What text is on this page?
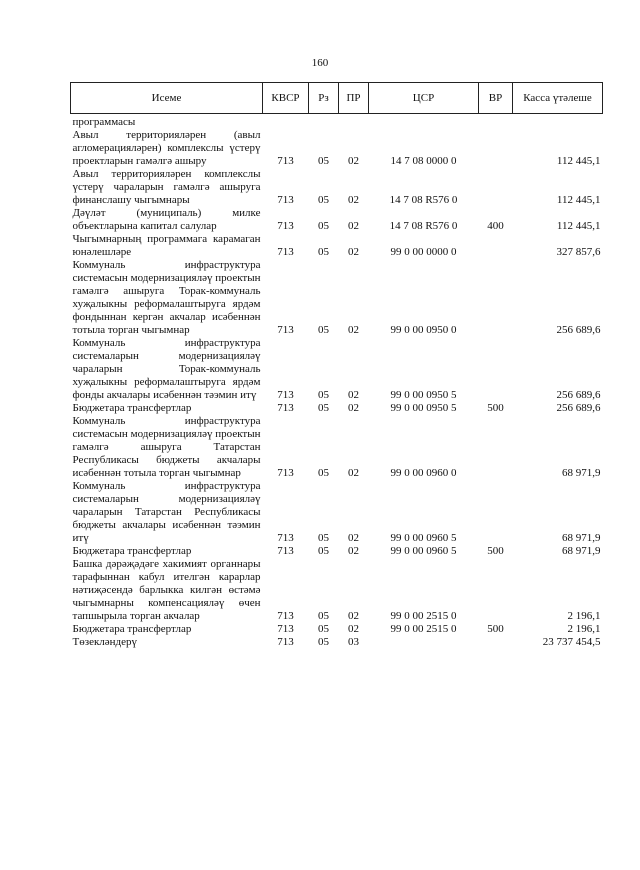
160
Исеме	КВСР	Рз	ПР	ЦСР	ВР	Касса үтәлеше
программасы						
Авыл территорияләрен (авыл агломерацияләрен) комплекслы үстерү проектларын гамәлгә ашыру	713	05	02	14 7 08 0000 0		112 445,1
Авыл территорияләрен комплекслы үстерү чараларын гамәлгә ашыруга финанслашу чыгымнары	713	05	02	14 7 08 R576 0		112 445,1
Дәүләт (муниципаль) милке объектларына капитал салулар	713	05	02	14 7 08 R576 0	400	112 445,1
Чыгымнарның программага карамаган юнәлешләре	713	05	02	99 0 00 0000 0		327 857,6
Коммуналь инфраструктура системасын модернизацияләү проектын гамәлгә ашыруга Торак-коммуналь хуҗалыкны реформалаштыруга ярдәм фондыннан кергән акчалар исәбеннән тотыла торган чыгымнар	713	05	02	99 0 00 0950 0		256 689,6
Коммуналь инфраструктура системаларын модернизацияләү чараларын Торак-коммуналь хуҗалыкны реформалаштыруга ярдәм фонды акчалары исәбеннән тәэмин итү	713	05	02	99 0 00 0950 5		256 689,6
Бюджетара трансфертлар	713	05	02	99 0 00 0950 5	500	256 689,6
Коммуналь инфраструктура системасын модернизацияләү проектын гамәлгә ашыруга Татарстан Республикасы бюджеты акчалары исәбеннән тотыла торган чыгымнар	713	05	02	99 0 00 0960 0		68 971,9
Коммуналь инфраструктура системаларын модернизацияләү чараларын Татарстан Республикасы бюджеты акчалары исәбеннән тәэмин итү	713	05	02	99 0 00 0960 5		68 971,9
Бюджетара трансфертлар	713	05	02	99 0 00 0960 5	500	68 971,9
Башка дәрәҗәдәге хакимият органнары тарафыннан кабул ителгән карарлар нәтиҗәсендә барлыкка килгән өстәмә чыгымнарны компенсацияләү өчен тапшырыла торган акчалар	713	05	02	99 0 00 2515 0		2 196,1
Бюджетара трансфертлар	713	05	02	99 0 00 2515 0	500	2 196,1
Төзекләндерү	713	05	03			23 737 454,5
